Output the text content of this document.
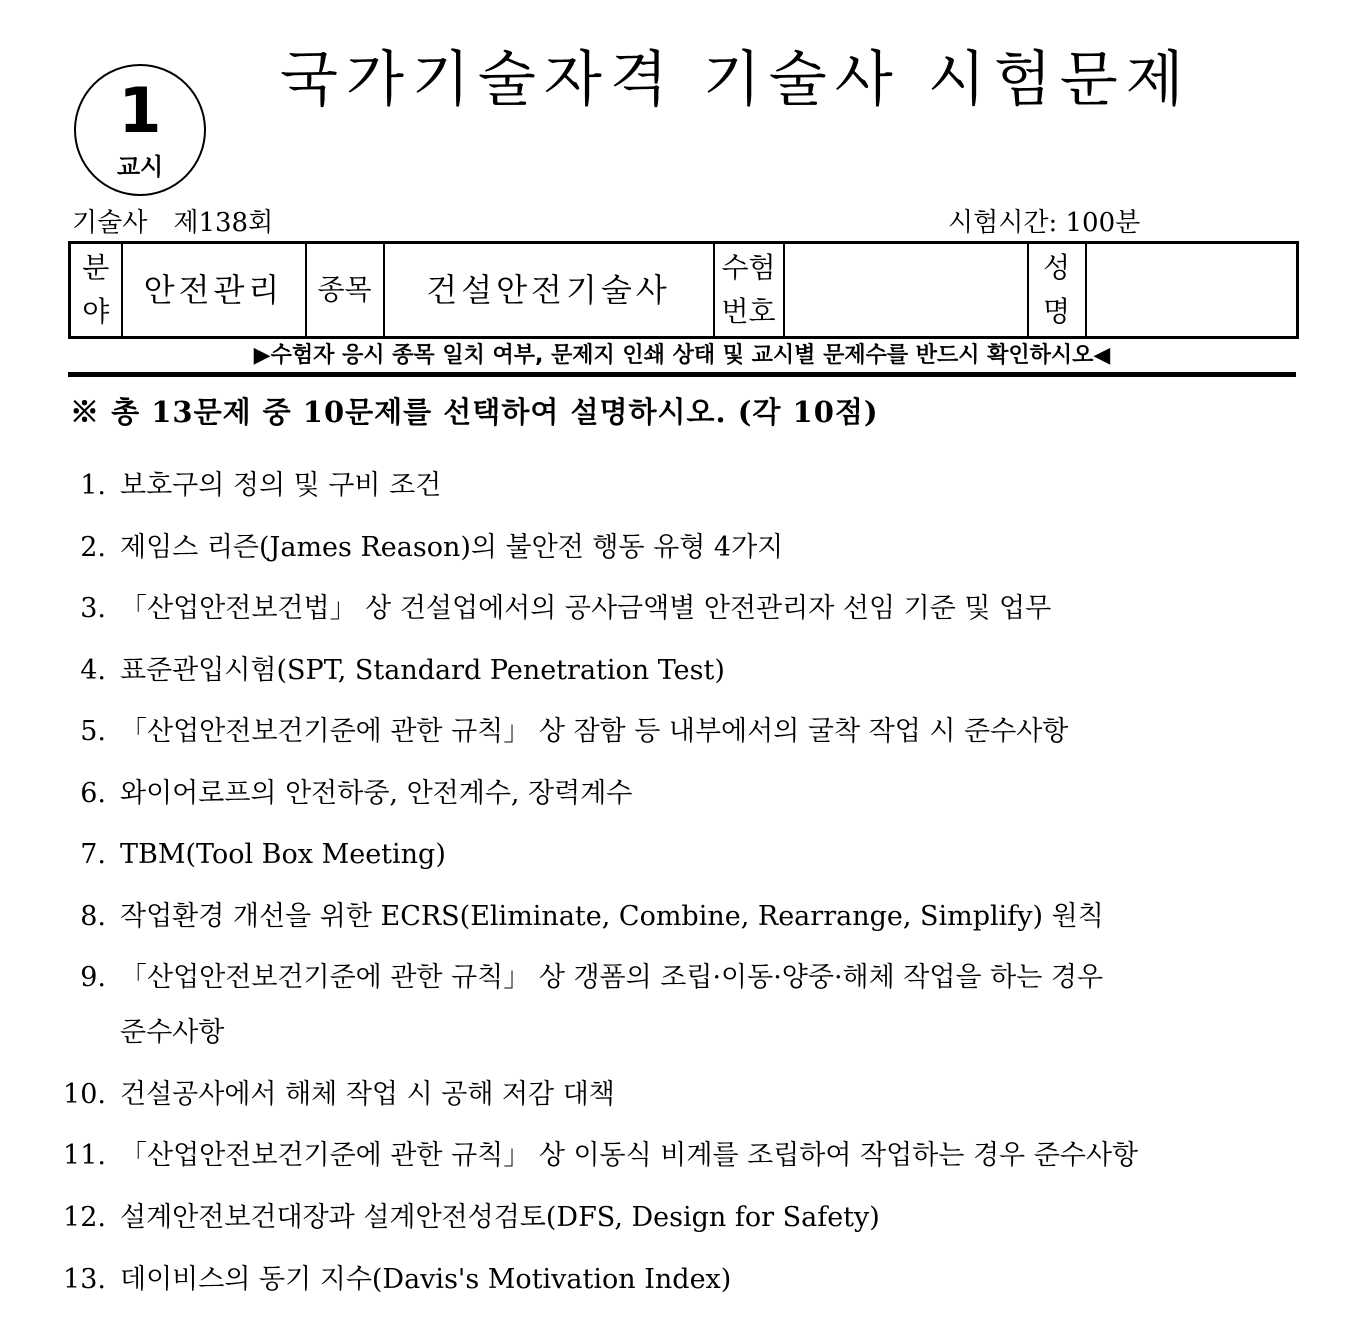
1
교시
국가기술자격 기술사 시험문제
기술사 제138회	시험시간: 100분
분 야	안전관리	종목	건설안전기술사	수험 번호		성 명	
▶수험자 응시 종목 일치 여부, 문제지 인쇄 상태 및 교시별 문제수를 반드시 확인하시오◀
※ 총 13문제 중 10문제를 선택하여 설명하시오. (각 10점)
1. 보호구의 정의 및 구비 조건
2. 제임스 리즌(James Reason)의 불안전 행동 유형 4가지
3. 「산업안전보건법」 상 건설업에서의 공사금액별 안전관리자 선임 기준 및 업무
4. 표준관입시험(SPT, Standard Penetration Test)
5. 「산업안전보건기준에 관한 규칙」 상 잠함 등 내부에서의 굴착 작업 시 준수사항
6. 와이어로프의 안전하중, 안전계수, 장력계수
7. TBM(Tool Box Meeting)
8. 작업환경 개선을 위한 ECRS(Eliminate, Combine, Rearrange, Simplify) 원칙
9. 「산업안전보건기준에 관한 규칙」 상 갱폼의 조립·이동·양중·해체 작업을 하는 경우
준수사항
10. 건설공사에서 해체 작업 시 공해 저감 대책
11. 「산업안전보건기준에 관한 규칙」 상 이동식 비계를 조립하여 작업하는 경우 준수사항
12. 설계안전보건대장과 설계안전성검토(DFS, Design for Safety)
13. 데이비스의 동기 지수(Davis's Motivation Index)
